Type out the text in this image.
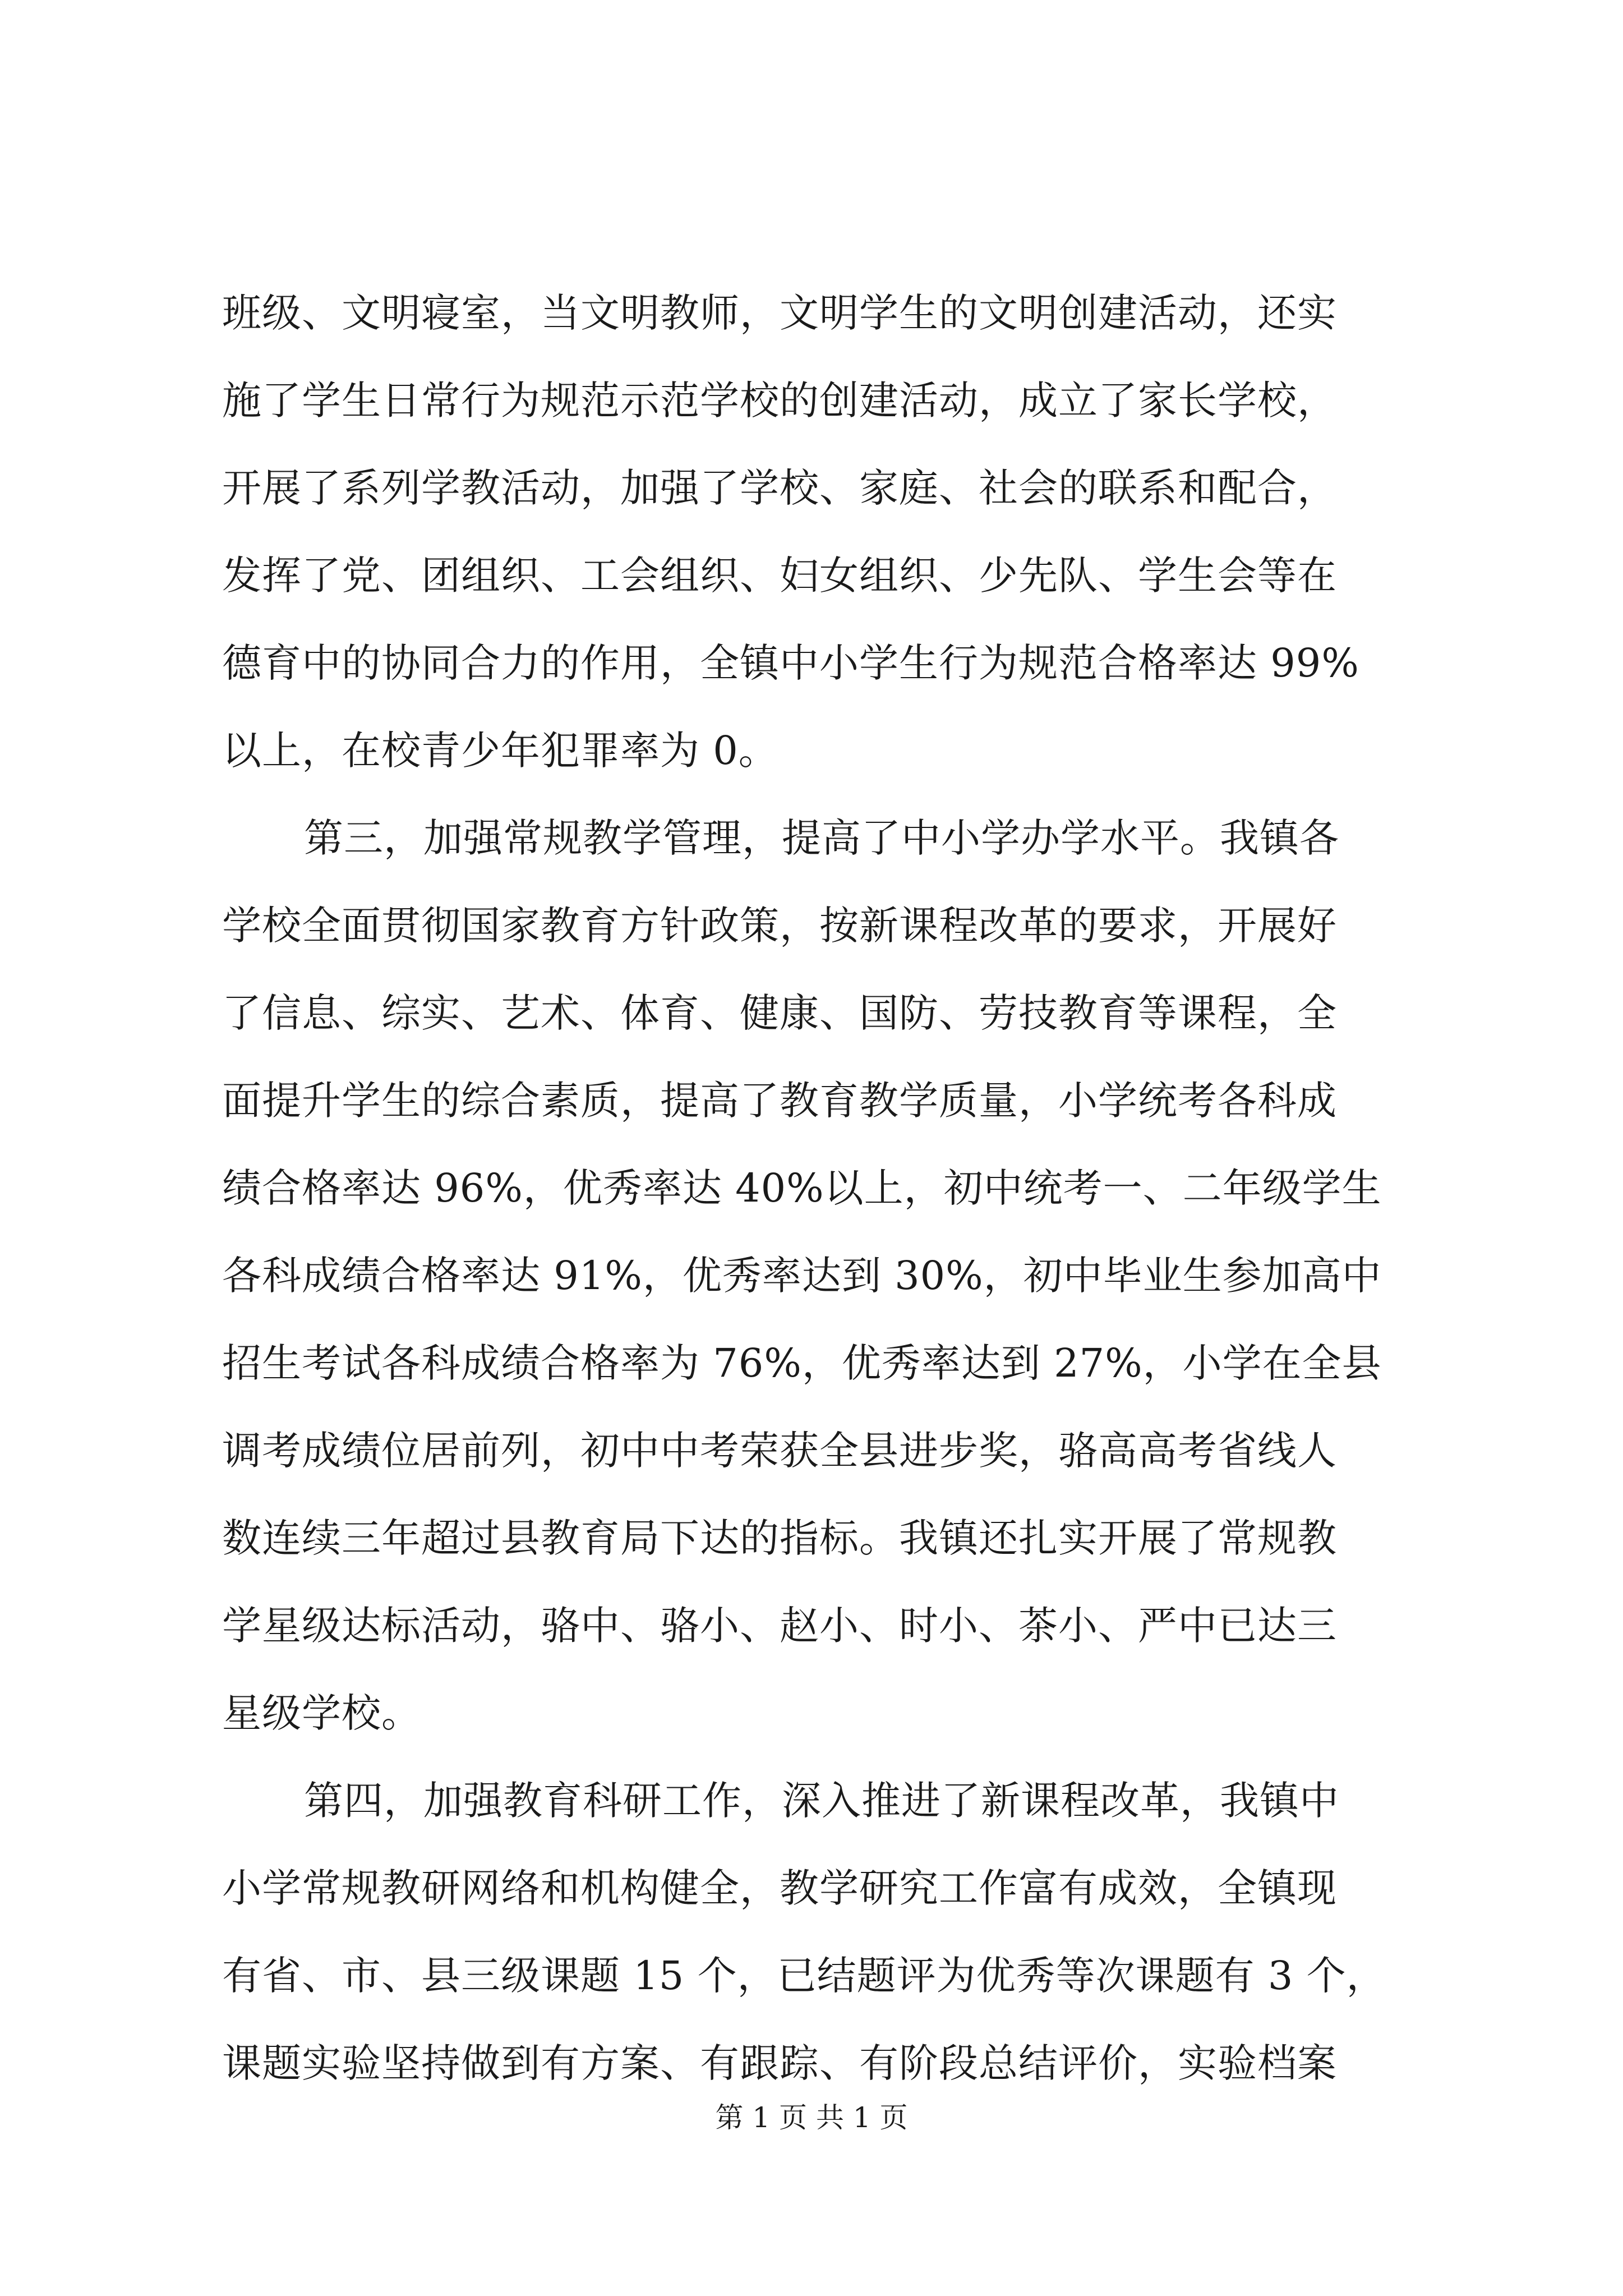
班级、文明寝室，当文明教师，文明学生的文明创建活动，还实
施了学生日常行为规范示范学校的创建活动，成立了家长学校，
开展了系列学教活动，加强了学校、家庭、社会的联系和配合，
发挥了党、团组织、工会组织、妇女组织、少先队、学生会等在
德育中的协同合力的作用，全镇中小学生行为规范合格率达 99%
以上，在校青少年犯罪率为 0。
第三，加强常规教学管理，提高了中小学办学水平。我镇各
学校全面贯彻国家教育方针政策，按新课程改革的要求，开展好
了信息、综实、艺术、体育、健康、国防、劳技教育等课程，全
面提升学生的综合素质，提高了教育教学质量，小学统考各科成
绩合格率达 96%，优秀率达 40%以上，初中统考一、二年级学生
各科成绩合格率达 91%，优秀率达到 30%，初中毕业生参加高中
招生考试各科成绩合格率为 76%，优秀率达到 27%，小学在全县
调考成绩位居前列，初中中考荣获全县进步奖，骆高高考省线人
数连续三年超过县教育局下达的指标。我镇还扎实开展了常规教
学星级达标活动，骆中、骆小、赵小、时小、茶小、严中已达三
星级学校。
第四，加强教育科研工作，深入推进了新课程改革，我镇中
小学常规教研网络和机构健全，教学研究工作富有成效，全镇现
有省、市、县三级课题 15 个，已结题评为优秀等次课题有 3 个，
课题实验坚持做到有方案、有跟踪、有阶段总结评价，实验档案
第 1 页 共 1 页
